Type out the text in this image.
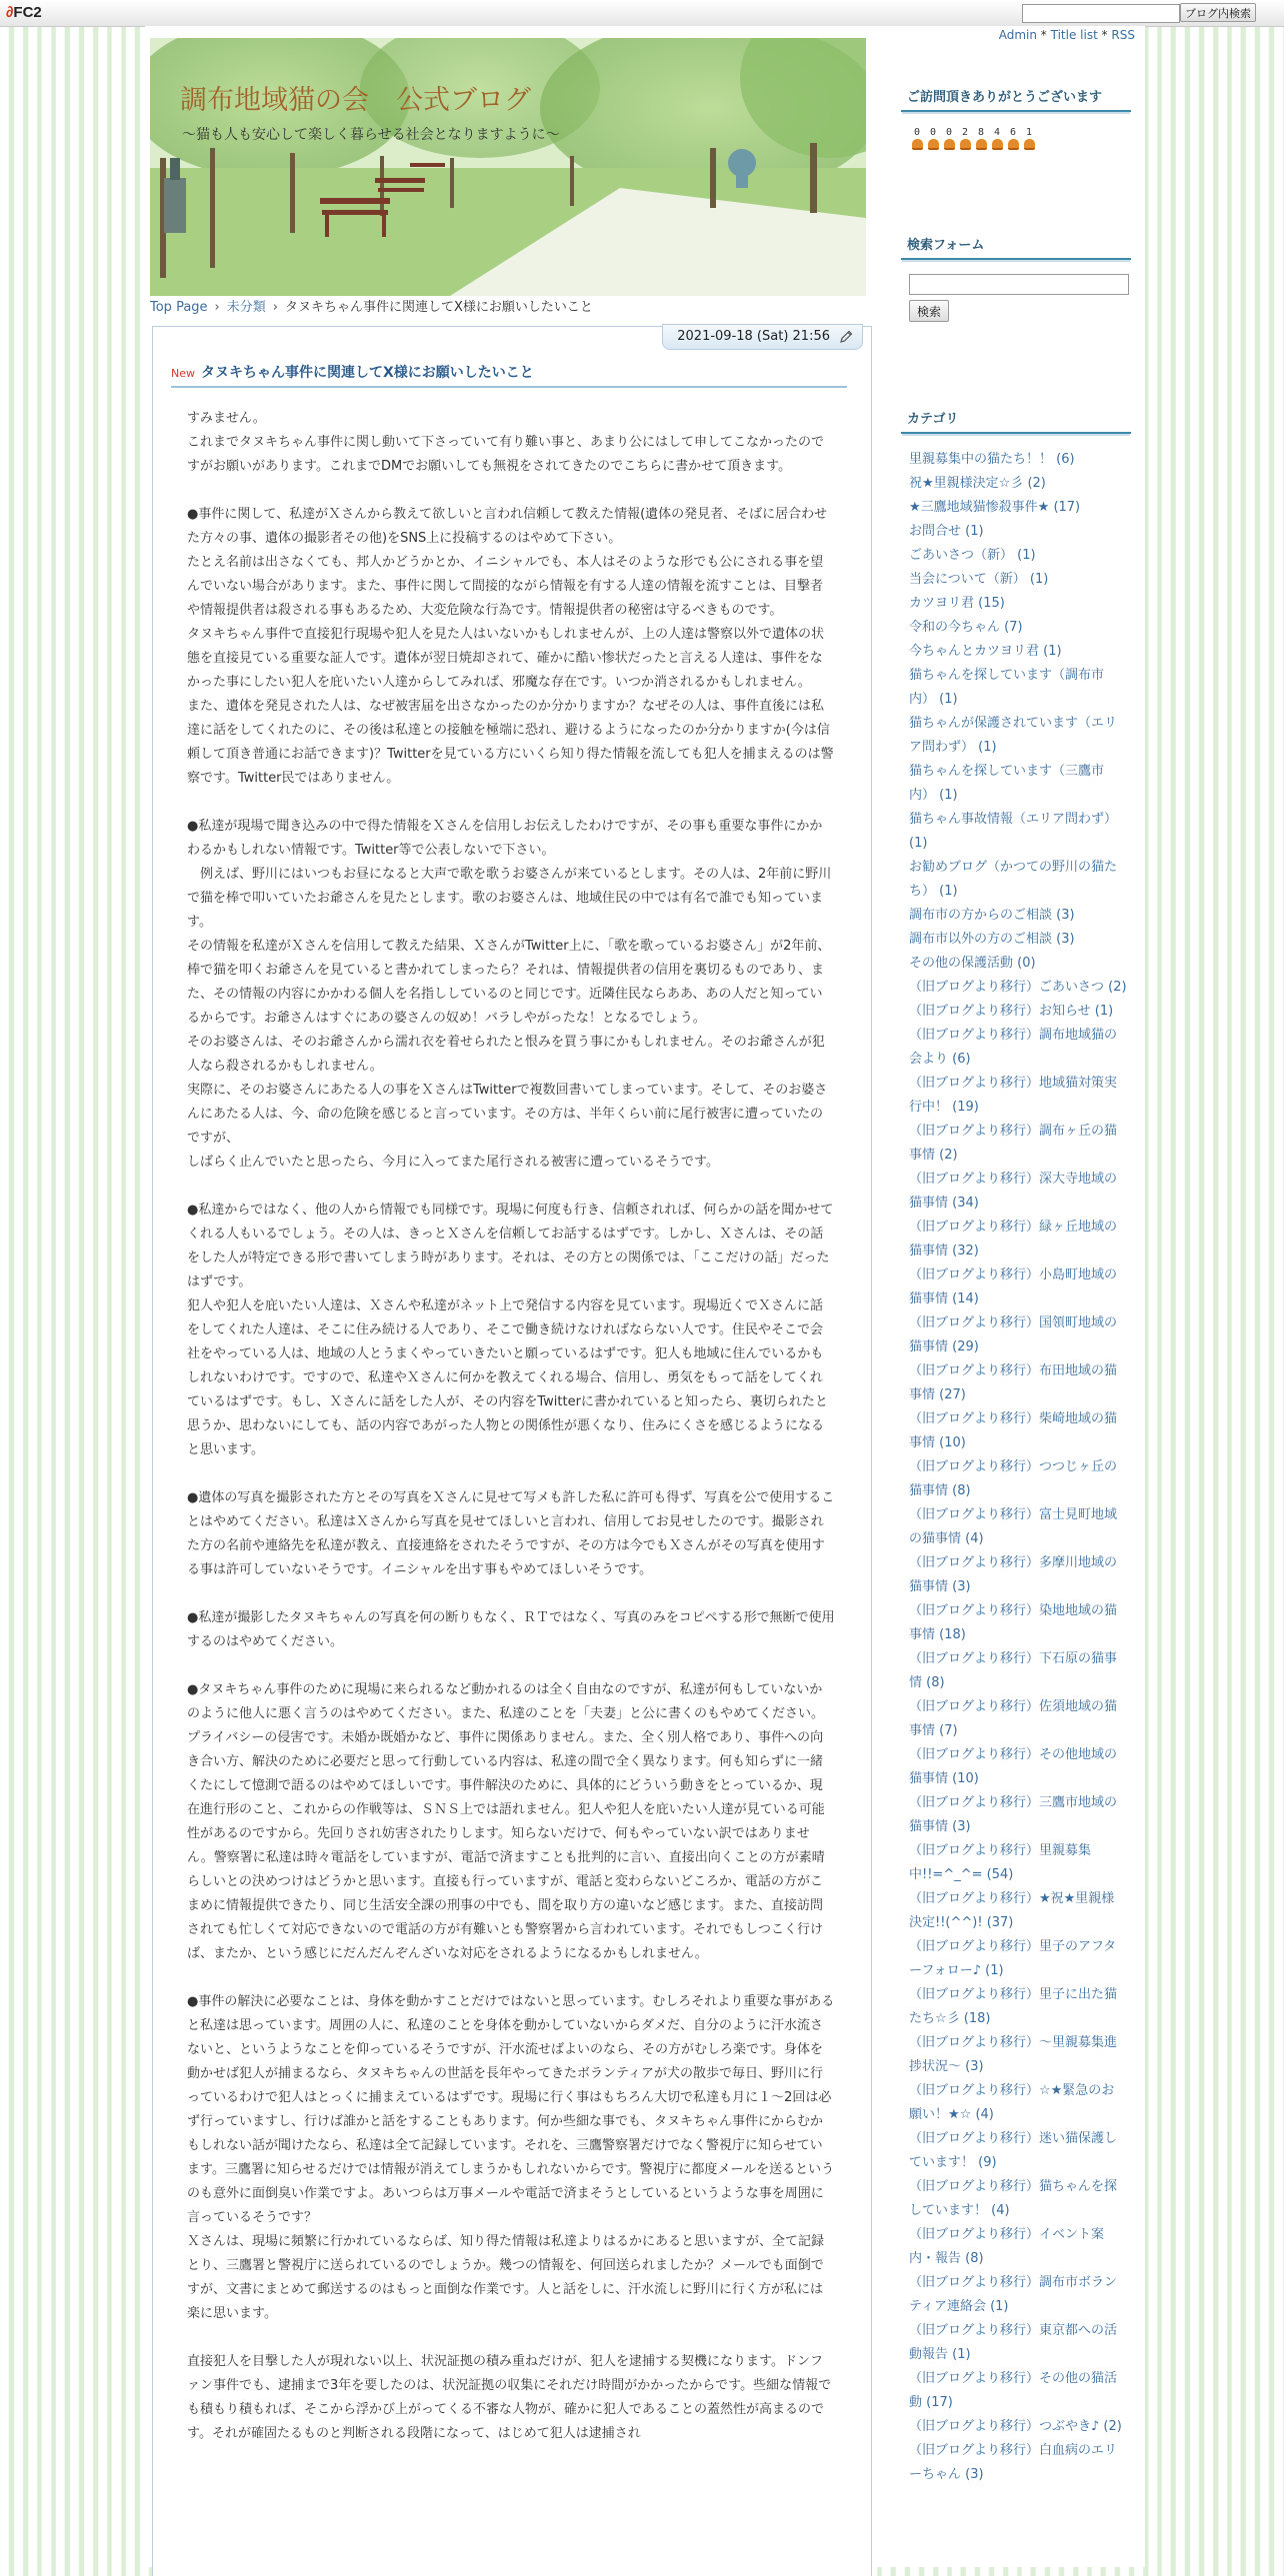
∂FC2	ブログ内検索
Admin * Title list * RSS
調布地域猫の会　公式ブログ
～猫も人も安心して楽しく暮らせる社会となりますように～
Top Page › 未分類 › タヌキちゃん事件に関連してX様にお願いしたいこと
2021-09-18 (Sat) 21:56
New タヌキちゃん事件に関連してX様にお願いしたいこと
すみません。
これまでタヌキちゃん事件に関し動いて下さっていて有り難い事と、あまり公にはして申してこなかったのですがお願いがあります。これまでDMでお願いしても無視をされてきたのでこちらに書かせて頂きます。

●事件に関して、私達がＸさんから教えて欲しいと言われ信頼して教えた情報(遺体の発見者、そばに居合わせた方々の事、遺体の撮影者その他)をSNS上に投稿するのはやめて下さい。
たとえ名前は出さなくても、邦人かどうかとか、イニシャルでも、本人はそのような形でも公にされる事を望んでいない場合があります。また、事件に関して間接的ながら情報を有する人達の情報を流すことは、目撃者や情報提供者は殺される事もあるため、大変危険な行為です。情報提供者の秘密は守るべきものです。
タヌキちゃん事件で直接犯行現場や犯人を見た人はいないかもしれませんが、上の人達は警察以外で遺体の状態を直接見ている重要な証人です。遺体が翌日焼却されて、確かに酷い惨状だったと言える人達は、事件をなかった事にしたい犯人を庇いたい人達からしてみれば、邪魔な存在です。いつか消されるかもしれません。
また、遺体を発見された人は、なぜ被害届を出さなかったのか分かりますか？なぜその人は、事件直後には私達に話をしてくれたのに、その後は私達との接触を極端に恐れ、避けるようになったのか分かりますか(今は信頼して頂き普通にお話できます)？Twitterを見ている方にいくら知り得た情報を流しても犯人を捕まえるのは警察です。Twitter民ではありません。

●私達が現場で聞き込みの中で得た情報をＸさんを信用しお伝えしたわけですが、その事も重要な事件にかかわるかもしれない情報です。Twitter等で公表しないで下さい。
　例えば、野川にはいつもお昼になると大声で歌を歌うお婆さんが来ているとします。その人は、2年前に野川で猫を棒で叩いていたお爺さんを見たとします。歌のお婆さんは、地域住民の中では有名で誰でも知っています。
その情報を私達がＸさんを信用して教えた結果、ＸさんがTwitter上に、「歌を歌っているお婆さん」が2年前、棒で猫を叩くお爺さんを見ていると書かれてしまったら？それは、情報提供者の信用を裏切るものであり、また、その情報の内容にかかわる個人を名指ししているのと同じです。近隣住民ならああ、あの人だと知っているからです。お爺さんはすぐにあの婆さんの奴め！バラしやがったな！となるでしょう。
そのお婆さんは、そのお爺さんから濡れ衣を着せられたと恨みを買う事にかもしれません。そのお爺さんが犯人なら殺されるかもしれません。
実際に、そのお婆さんにあたる人の事をＸさんはTwitterで複数回書いてしまっています。そして、そのお婆さんにあたる人は、今、命の危険を感じると言っています。その方は、半年くらい前に尾行被害に遭っていたのですが、
しばらく止んでいたと思ったら、今月に入ってまた尾行される被害に遭っているそうです。

●私達からではなく、他の人から情報でも同様です。現場に何度も行き、信頼されれば、何らかの話を聞かせてくれる人もいるでしょう。その人は、きっとＸさんを信頼してお話するはずです。しかし、Ｘさんは、その話をした人が特定できる形で書いてしまう時があります。それは、その方との関係では、「ここだけの話」だったはずです。
犯人や犯人を庇いたい人達は、Ｘさんや私達がネット上で発信する内容を見ています。現場近くでＸさんに話をしてくれた人達は、そこに住み続ける人であり、そこで働き続けなければならない人です。住民やそこで会社をやっている人は、地域の人とうまくやっていきたいと願っているはずです。犯人も地域に住んでいるかもしれないわけです。ですので、私達やＸさんに何かを教えてくれる場合、信用し、勇気をもって話をしてくれているはずです。もし、Ｘさんに話をした人が、その内容をTwitterに書かれていると知ったら、裏切られたと思うか、思わないにしても、話の内容であがった人物との関係性が悪くなり、住みにくさを感じるようになると思います。

●遺体の写真を撮影された方とその写真をＸさんに見せて写メも許した私に許可も得ず、写真を公で使用することはやめてください。私達はＸさんから写真を見せてほしいと言われ、信用してお見せしたのです。撮影された方の名前や連絡先を私達が教え、直接連絡をされたそうですが、その方は今でもＸさんがその写真を使用する事は許可していないそうです。イニシャルを出す事もやめてほしいそうです。

●私達が撮影したタヌキちゃんの写真を何の断りもなく、ＲＴではなく、写真のみをコピペする形で無断で使用するのはやめてください。

●タヌキちゃん事件のために現場に来られるなど動かれるのは全く自由なのですが、私達が何もしていないかのように他人に悪く言うのはやめてください。また、私達のことを「夫妻」と公に書くのもやめてください。プライバシーの侵害です。未婚か既婚かなど、事件に関係ありません。また、全く別人格であり、事件への向き合い方、解決のために必要だと思って行動している内容は、私達の間で全く異なります。何も知らずに一緒くたにして憶測で語るのはやめてほしいです。事件解決のために、具体的にどういう動きをとっているか、現在進行形のこと、これからの作戦等は、ＳＮＳ上では語れません。犯人や犯人を庇いたい人達が見ている可能性があるのですから。先回りされ妨害されたりします。知らないだけで、何もやっていない訳ではありません。警察署に私達は時々電話をしていますが、電話で済ますことも批判的に言い、直接出向くことの方が素晴らしいとの決めつけはどうかと思います。直接も行っていますが、電話と変わらないどころか、電話の方がこまめに情報提供できたり、同じ生活安全課の刑事の中でも、間を取り方の違いなど感じます。また、直接訪問されても忙しくて対応できないので電話の方が有難いとも警察署から言われています。それでもしつこく行けば、またか、という感じにだんだんぞんざいな対応をされるようになるかもしれません。

●事件の解決に必要なことは、身体を動かすことだけではないと思っています。むしろそれより重要な事があると私達は思っています。周囲の人に、私達のことを身体を動かしていないからダメだ、自分のように汗水流さないと、というようなことを仰っているそうですが、汗水流せばよいのなら、その方がむしろ楽です。身体を動かせば犯人が捕まるなら、タヌキちゃんの世話を長年やってきたボランティアが犬の散歩で毎日、野川に行っているわけで犯人はとっくに捕まえているはずです。現場に行く事はもちろん大切で私達も月に１～2回は必ず行っていますし、行けば誰かと話をすることもあります。何か些細な事でも、タヌキちゃん事件にからむかもしれない話が聞けたなら、私達は全て記録しています。それを、三鷹警察署だけでなく警視庁に知らせています。三鷹署に知らせるだけでは情報が消えてしまうかもしれないからです。警視庁に都度メールを送るというのも意外に面倒臭い作業ですよ。あいつらは万事メールや電話で済まそうとしているというような事を周囲に言っているそうです？
Ｘさんは、現場に頻繁に行かれているならば、知り得た情報は私達よりはるかにあると思いますが、全て記録とり、三鷹署と警視庁に送られているのでしょうか。幾つの情報を、何回送られましたか？メールでも面倒ですが、文書にまとめて郵送するのはもっと面倒な作業です。人と話をしに、汗水流しに野川に行く方が私には楽に思います。

直接犯人を目撃した人が現れない以上、状況証拠の積み重ねだけが、犯人を逮捕する契機になります。ドンファン事件でも、逮捕まで3年を要したのは、状況証拠の収集にそれだけ時間がかかったからです。些細な情報でも積もり積もれば、そこから浮かび上がってくる不審な人物が、確かに犯人であることの蓋然性が高まるのです。それが確固たるものと判断される段階になって、はじめて犯人は逮捕され
ご訪問頂きありがとうございます
0 0 0 2 8 4 6 1
検索フォーム
検索
カテゴリ
里親募集中の猫たち！！ (6)
祝★里親様決定☆彡 (2)
★三鷹地域猫惨殺事件★ (17)
お問合せ (1)
ごあいさつ（新） (1)
当会について（新） (1)
カツヨリ君 (15)
令和の今ちゃん (7)
今ちゃんとカツヨリ君 (1)
猫ちゃんを探しています（調布市内） (1)
猫ちゃんが保護されています（エリア問わず） (1)
猫ちゃんを探しています（三鷹市内） (1)
猫ちゃん事故情報（エリア問わず） (1)
お勧めブログ（かつての野川の猫たち） (1)
調布市の方からのご相談 (3)
調布市以外の方のご相談 (3)
その他の保護活動 (0)
（旧ブログより移行）ごあいさつ (2)
（旧ブログより移行）お知らせ (1)
（旧ブログより移行）調布地域猫の会より (6)
（旧ブログより移行）地域猫対策実行中！ (19)
（旧ブログより移行）調布ヶ丘の猫事情 (2)
（旧ブログより移行）深大寺地域の猫事情 (34)
（旧ブログより移行）緑ヶ丘地域の猫事情 (32)
（旧ブログより移行）小島町地域の猫事情 (14)
（旧ブログより移行）国領町地域の猫事情 (29)
（旧ブログより移行）布田地域の猫事情 (27)
（旧ブログより移行）柴崎地域の猫事情 (10)
（旧ブログより移行）つつじヶ丘の猫事情 (8)
（旧ブログより移行）富士見町地域の猫事情 (4)
（旧ブログより移行）多摩川地域の猫事情 (3)
（旧ブログより移行）染地地域の猫事情 (18)
（旧ブログより移行）下石原の猫事情 (8)
（旧ブログより移行）佐須地域の猫事情 (7)
（旧ブログより移行）その他地域の猫事情 (10)
（旧ブログより移行）三鷹市地域の猫事情 (3)
（旧ブログより移行）里親募集中!!=^_^= (54)
（旧ブログより移行）★祝★里親様決定!!(^^)! (37)
（旧ブログより移行）里子のアフターフォロー♪ (1)
（旧ブログより移行）里子に出た猫たち☆彡 (18)
（旧ブログより移行）～里親募集進捗状況～ (3)
（旧ブログより移行）☆★緊急のお願い！★☆ (4)
（旧ブログより移行）迷い猫保護しています！ (9)
（旧ブログより移行）猫ちゃんを探しています！ (4)
（旧ブログより移行）イベント案内・報告 (8)
（旧ブログより移行）調布市ボランティア連絡会 (1)
（旧ブログより移行）東京都への活動報告 (1)
（旧ブログより移行）その他の猫活動 (17)
（旧ブログより移行）つぶやき♪ (2)
（旧ブログより移行）白血病のエリーちゃん (3)
